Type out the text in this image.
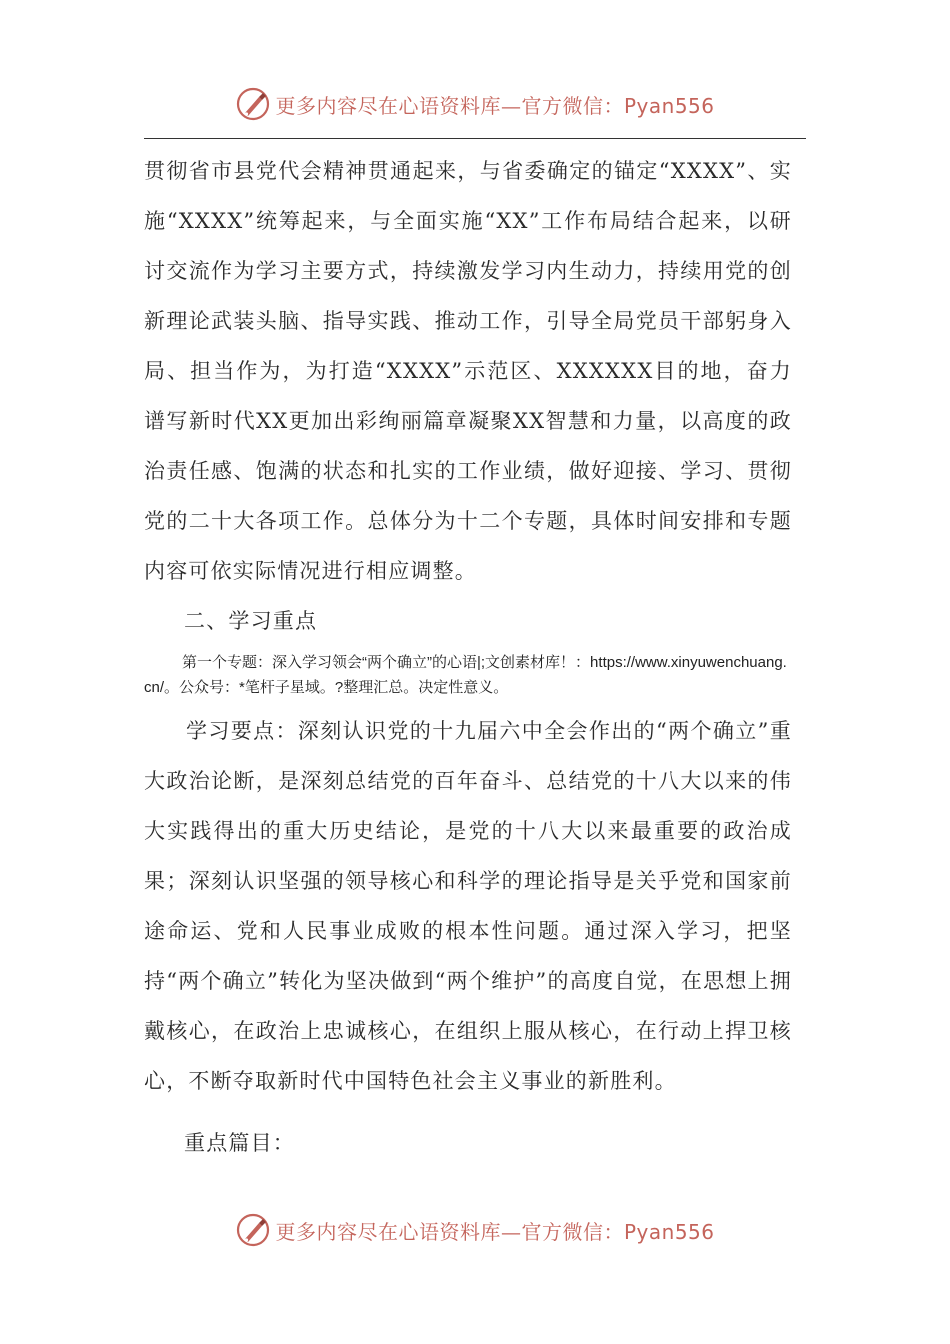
更多内容尽在心语资料库—官方微信：Pyan556

贯彻省市县党代会精神贯通起来，与省委确定的锚定“XXXX”、实施“XXXX”统筹起来，与全面实施“XX”工作布局结合起来，以研讨交流作为学习主要方式，持续激发学习内生动力，持续用党的创新理论武装头脑、指导实践、推动工作，引导全局党员干部躬身入局、担当作为，为打造“XXXX”示范区、XXXXXX目的地，奋力谱写新时代XX更加出彩绚丽篇章凝聚XX智慧和力量，以高度的政治责任感、饱满的状态和扎实的工作业绩，做好迎接、学习、贯彻党的二十大各项工作。总体分为十二个专题，具体时间安排和专题内容可依实际情况进行相应调整。

二、学习重点

第一个专题：深入学习领会“两个确立”的心语|;文创素材库！：https://www.xinyuwenchuang.cn/。公众号：*笔杆子星域。?整理汇总。决定性意义。

学习要点：深刻认识党的十九届六中全会作出的“两个确立”重大政治论断，是深刻总结党的百年奋斗、总结党的十八大以来的伟大实践得出的重大历史结论，是党的十八大以来最重要的政治成果；深刻认识坚强的领导核心和科学的理论指导是关乎党和国家前途命运、党和人民事业成败的根本性问题。通过深入学习，把坚持“两个确立”转化为坚决做到“两个维护”的高度自觉，在思想上拥戴核心，在政治上忠诚核心，在组织上服从核心，在行动上捍卫核心，不断夺取新时代中国特色社会主义事业的新胜利。

重点篇目：

更多内容尽在心语资料库—官方微信：Pyan556
